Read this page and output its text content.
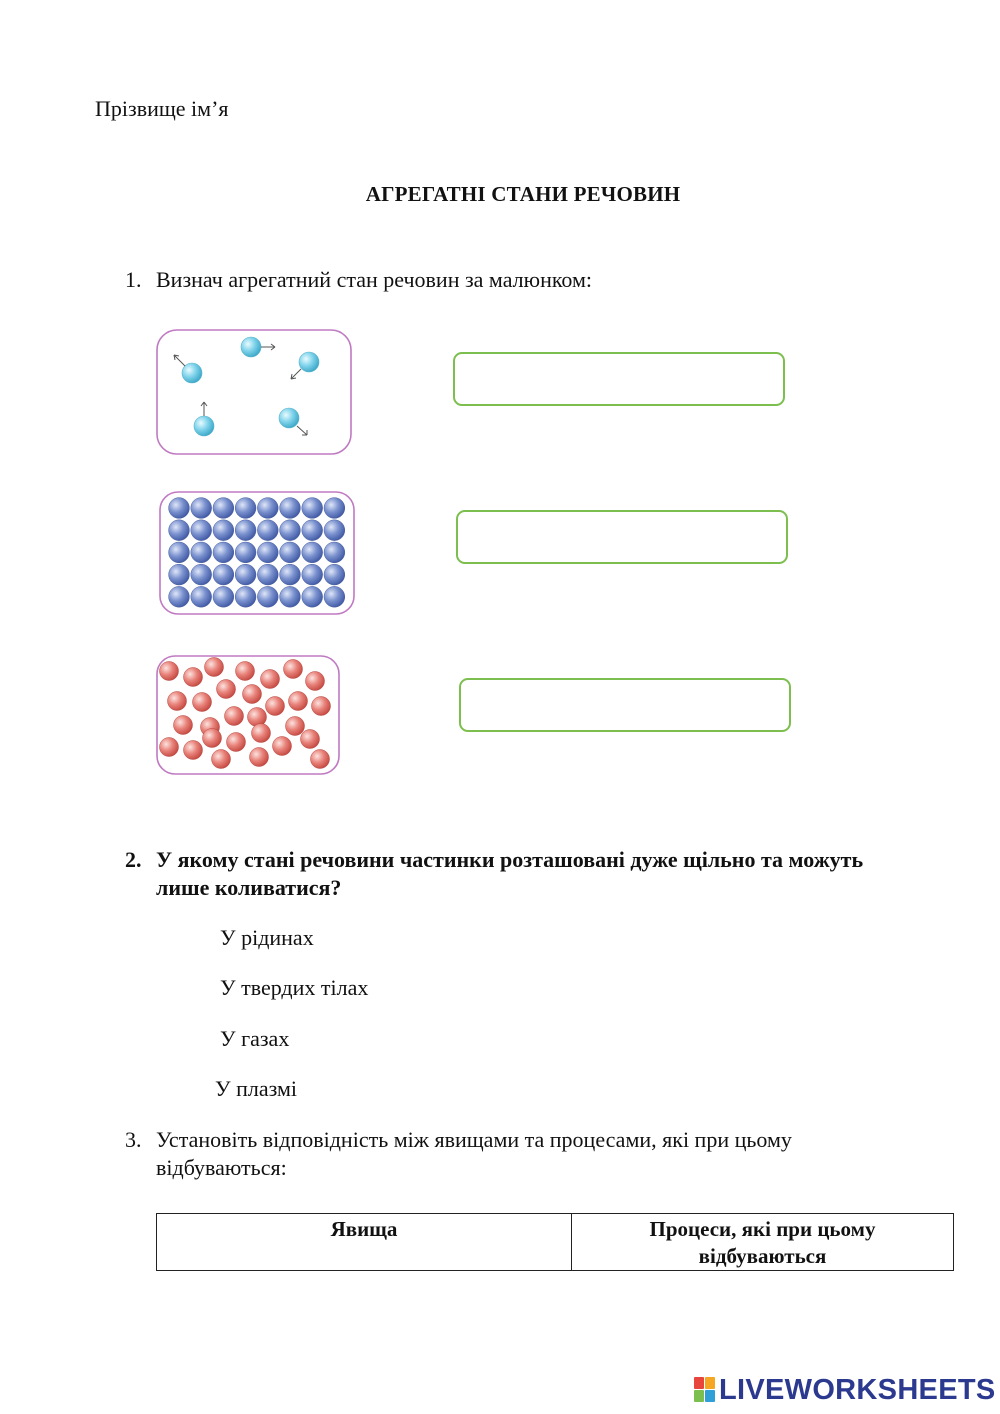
Прізвище ім’я
АГРЕГАТНІ СТАНИ РЕЧОВИН
1. Визнач агрегатний стан речовин за малюнком:
2. У якому стані речовини частинки розташовані дуже щільно та можуть
лише коливатися?
У рідинах
У твердих тілах
У газах
У плазмі
3. Установіть відповідність між явищами та процесами, які при цьому
відбуваються:
Явища	Процеси, які при цьому
відбуваються
LIVEWORKSHEETS
